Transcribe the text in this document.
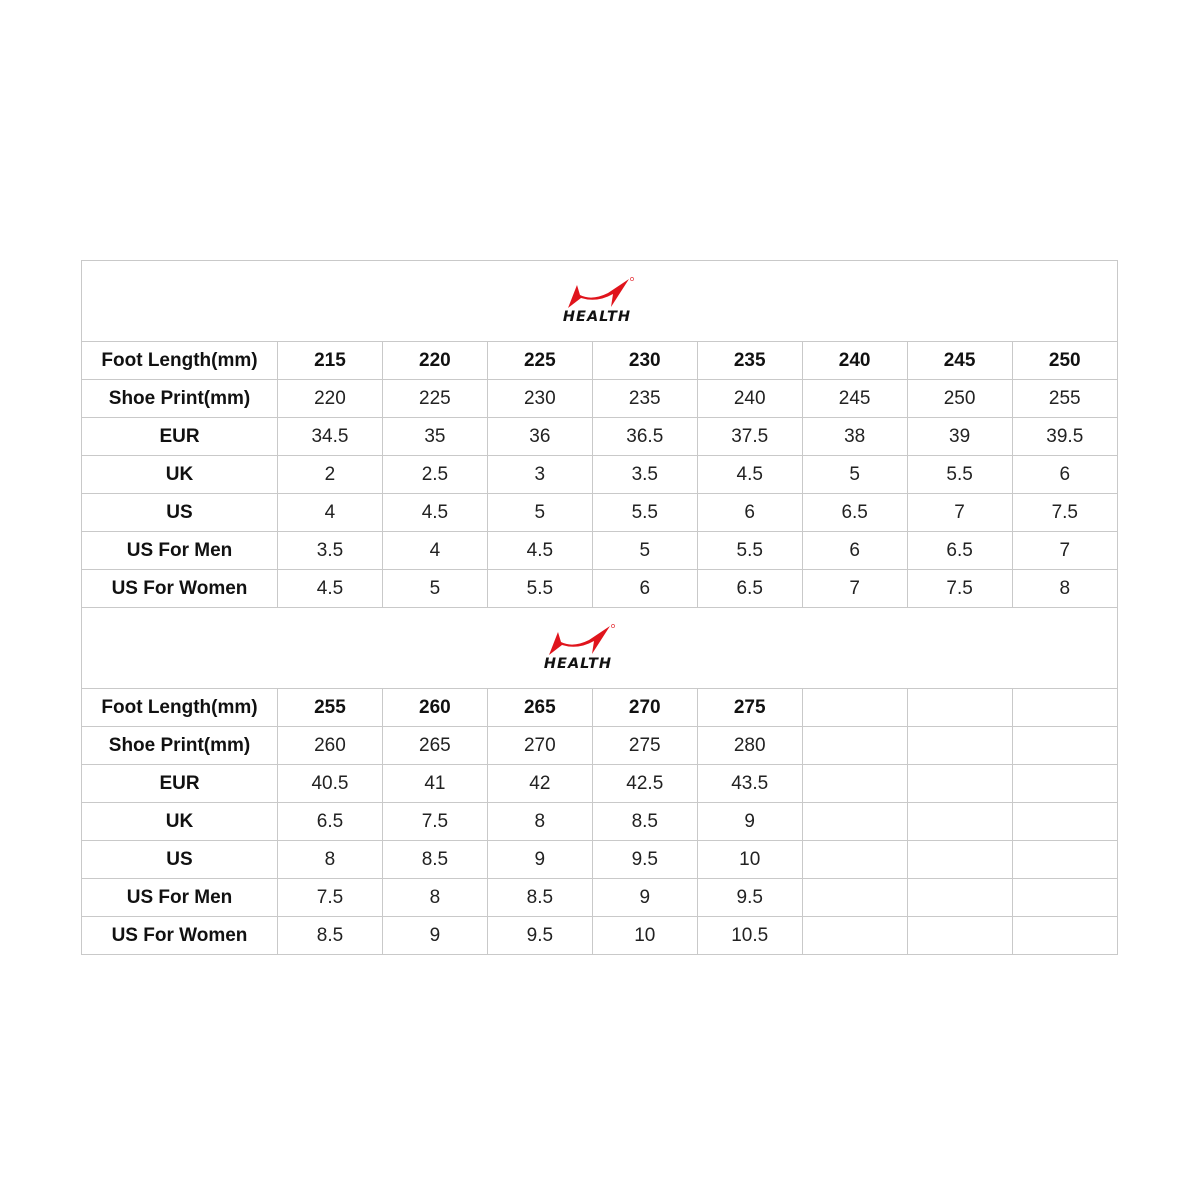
HEALTH
Foot Length(mm)	215	220	225	230	235	240	245	250
Shoe Print(mm)	220	225	230	235	240	245	250	255
EUR	34.5	35	36	36.5	37.5	38	39	39.5
UK	2	2.5	3	3.5	4.5	5	5.5	6
US	4	4.5	5	5.5	6	6.5	7	7.5
US For Men	3.5	4	4.5	5	5.5	6	6.5	7
US For Women	4.5	5	5.5	6	6.5	7	7.5	8
HEALTH
Foot Length(mm)	255	260	265	270	275			
Shoe Print(mm)	260	265	270	275	280			
EUR	40.5	41	42	42.5	43.5			
UK	6.5	7.5	8	8.5	9			
US	8	8.5	9	9.5	10			
US For Men	7.5	8	8.5	9	9.5			
US For Women	8.5	9	9.5	10	10.5			
